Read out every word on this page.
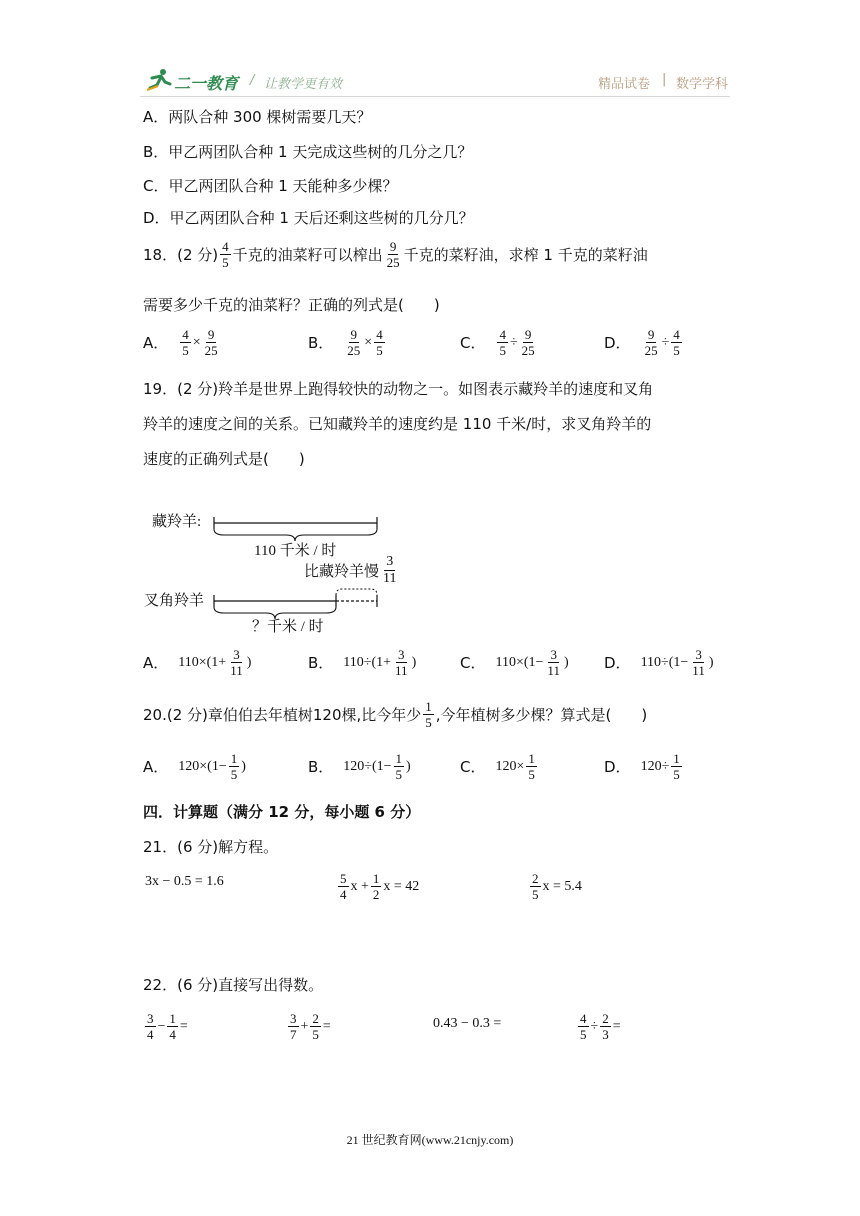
二一教育 / 让教学更有效	精品试卷 | 数学学科
A．两队合种 300 棵树需要几天？
B．甲乙两团队合种 1 天完成这些树的几分之几？
C．甲乙两团队合种 1 天能种多少棵？
D．甲乙两团队合种 1 天后还剩这些树的几分几？
18．(2 分) $\frac{4}{5}$ 千克的油菜籽可以榨出 $\frac{9}{25}$ 千克的菜籽油，求榨 1 千克的菜籽油
需要多少千克的油菜籽？正确的列式是(　　)
A． $\frac{4}{5} \times \frac{9}{25}$	B． $\frac{9}{25} \times \frac{4}{5}$	C． $\frac{4}{5} \div \frac{9}{25}$	D． $\frac{9}{25} \div \frac{4}{5}$
19．(2 分)羚羊是世界上跑得较快的动物之一。如图表示藏羚羊的速度和叉角
羚羊的速度之间的关系。已知藏羚羊的速度约是 110 千米/时，求叉角羚羊的
速度的正确列式是(　　)
藏羚羊:
110 千米 / 时
比藏羚羊慢 $\frac{3}{11}$
叉角羚羊
？千米 / 时
A． $110\times(1+ \frac{3}{11}$ )	B． $110\div(1+ \frac{3}{11}$ )	C． $110\times(1- \frac{3}{11}$ ) D． $110\div(1- \frac{3}{11}$ )
20.(2 分)章伯伯去年植树120棵,比今年少 $\frac{1}{5}$ ,今年植树多少棵？算式是(　　)
A． $120\times(1- \frac{1}{5}$ )	B． $120\div(1- \frac{1}{5}$ )	C． $120\times \frac{1}{5}$	D． $120\div \frac{1}{5}$
四．计算题（满分 12 分，每小题 6 分）
21．(6 分)解方程。
3x − 0.5 = 1.6	$\frac{5}{4}$ $x + \frac{1}{2}$ x = 42	$\frac{2}{5}$ x = 5.4
22．(6 分)直接写出得数。
$\frac{3}{4} - \frac{1}{4}$ =	$\frac{3}{7} + \frac{2}{5}$ =	0.43 − 0.3 =	$\frac{4}{5} \div \frac{2}{3}$ =
21 世纪教育网(www.21cnjy.com)
